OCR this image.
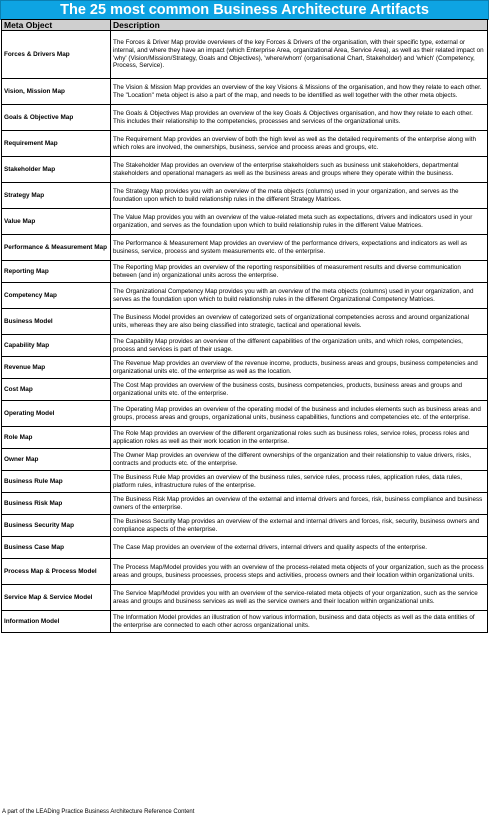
The 25 most common Business Architecture Artifacts
Meta Object	Description
Forces & Drivers Map	The Forces & Driver Map provide overviews of the key Forces & Drivers of the organisation, with their specific type, external or internal, and where they have an impact (which Enterprise Area, organizational Area, Service Area), as well as their related impact on 'why' (Vision/Mission/Strategy, Goals and Objectives), 'where/whom' (organisational Chart, Stakeholder) and 'which' (Competency, Process, Service).
Vision, Mission Map	The Vision & Mission Map provides an overview of the key Visions & Missions of the organisation, and how they relate to each other. The "Location" meta object is also a part of the map, and needs to be identified as well together with the other meta objects.
Goals & Objective Map	The Goals & Objectives Map provides an overview of the key Goals & Objectives organisation, and how they relate to each other. This includes their relationship to the competencies, processes and services of the organizational units.
Requirement Map	The Requirement Map provides an overview of both the high level as well as the detailed requirements of the enterprise along with which roles are involved, the ownerships, business, service and process areas and groups, etc.
Stakeholder Map	The Stakeholder Map provides an overview of the enterprise stakeholders such as business unit stakeholders, departmental stakeholders and operational managers as well as the business areas and groups where they operate within the business.
Strategy Map	The Strategy Map provides you with an overview of the meta objects (columns) used in your organization, and serves as the foundation upon which to build relationship rules in the different Strategy Matrices.
Value Map	The Value Map provides you with an overview of the value-related meta such as expectations, drivers and indicators used in your organization, and serves as the foundation upon which to build relationship rules in the different Value Matrices.
Performance & Measurement Map	The Performance & Measurement Map provides an overview of the performance drivers, expectations and indicators as well as business, service, process and system measurements etc. of the enterprise.
Reporting Map	The Reporting Map provides an overview of the reporting responsibilities of measurement results and diverse communication between (and in) organizational units across the enterprise.
Competency Map	The Organizational Competency Map provides you with an overview of the meta objects (columns) used in your organization, and serves as the foundation upon which to build relationship rules in the different Organizational Competency Matrices.
Business Model	The Business Model provides an overview of categorized sets of organizational competencies across and around organizational units, whereas they are also being classified into strategic, tactical and operational levels.
Capability Map	The Capability Map provides an overview of the different capabilities of the organization units, and which roles, competencies, process and services is part of their usage.
Revenue Map	The Revenue Map provides an overview of the revenue income, products, business areas and groups, business competencies and organizational units etc. of the enterprise as well as the location.
Cost Map	The Cost Map provides an overview of the business costs, business competencies, products, business areas and groups and organizational units etc. of the enterprise.
Operating Model	The Operating Map provides an overview of the operating model of the business and includes elements such as business areas and groups, process areas and groups, organizational units, business capabilities, functions and competencies etc. of the enterprise.
Role Map	The Role Map provides an overview of the different organizational roles such as business roles, service roles, process roles and application roles as well as their work location in the enterprise.
Owner Map	The Owner Map provides an overview of the different ownerships of the organization and their relationship to value drivers, risks, contracts and products etc. of the enterprise.
Business Rule Map	The Business Rule Map provides an overview of the business rules, service rules, process rules, application rules, data rules, platform rules, infrastructure rules of the enterprise.
Business Risk Map	The Business Risk Map provides an overview of the external and internal drivers and forces, risk, business compliance and business owners of the enterprise.
Business Security Map	The Business Security Map provides an overview of the external and internal drivers and forces, risk, security, business owners and compliance aspects of the enterprise.
Business Case Map	The Case Map provides an overview of the external drivers, internal drivers and quality aspects of the enterprise.
Process Map & Process Model	The Process Map/Model provides you with an overview of the process-related meta objects of your organization, such as the process areas and groups, business processes, process steps and activities, process owners and their location within organizational units.
Service Map & Service Model	The Service Map/Model provides you with an overview of the service-related meta objects of your organization, such as the service areas and groups and business services as well as the service owners and their location within organizational units.
Information Model	The Information Model provides an illustration of how various information, business and data objects as well as the data entities of the enterprise are connected to each other across organizational units.
A part of the LEADing Practice Business Architecture Reference Content
